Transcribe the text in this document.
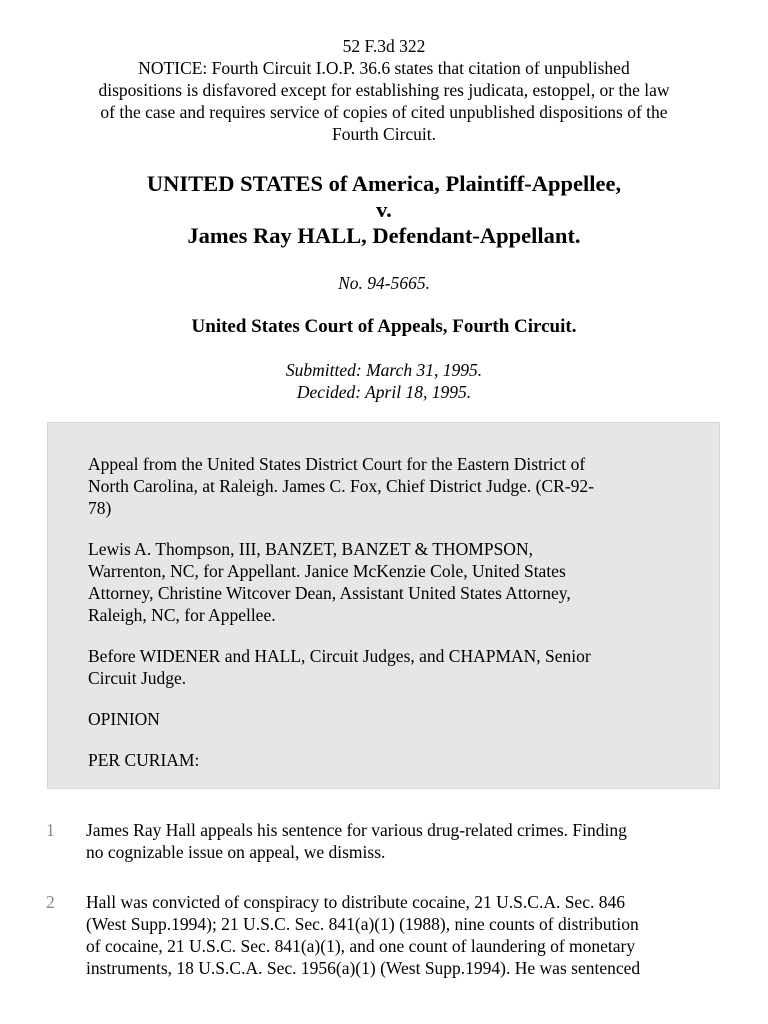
52 F.3d 322
NOTICE: Fourth Circuit I.O.P. 36.6 states that citation of unpublished
dispositions is disfavored except for establishing res judicata, estoppel, or the law
of the case and requires service of copies of cited unpublished dispositions of the
Fourth Circuit.
UNITED STATES of America, Plaintiff-Appellee,
v.
James Ray HALL, Defendant-Appellant.
No. 94-5665.
United States Court of Appeals, Fourth Circuit.
Submitted: March 31, 1995.
Decided: April 18, 1995.
Appeal from the United States District Court for the Eastern District of
North Carolina, at Raleigh. James C. Fox, Chief District Judge. (CR-92-
78)
Lewis A. Thompson, III, BANZET, BANZET & THOMPSON,
Warrenton, NC, for Appellant. Janice McKenzie Cole, United States
Attorney, Christine Witcover Dean, Assistant United States Attorney,
Raleigh, NC, for Appellee.
Before WIDENER and HALL, Circuit Judges, and CHAPMAN, Senior
Circuit Judge.
OPINION
PER CURIAM:
1 James Ray Hall appeals his sentence for various drug-related crimes. Finding
no cognizable issue on appeal, we dismiss.
2 Hall was convicted of conspiracy to distribute cocaine, 21 U.S.C.A. Sec. 846
(West Supp.1994); 21 U.S.C. Sec. 841(a)(1) (1988), nine counts of distribution
of cocaine, 21 U.S.C. Sec. 841(a)(1), and one count of laundering of monetary
instruments, 18 U.S.C.A. Sec. 1956(a)(1) (West Supp.1994). He was sentenced
